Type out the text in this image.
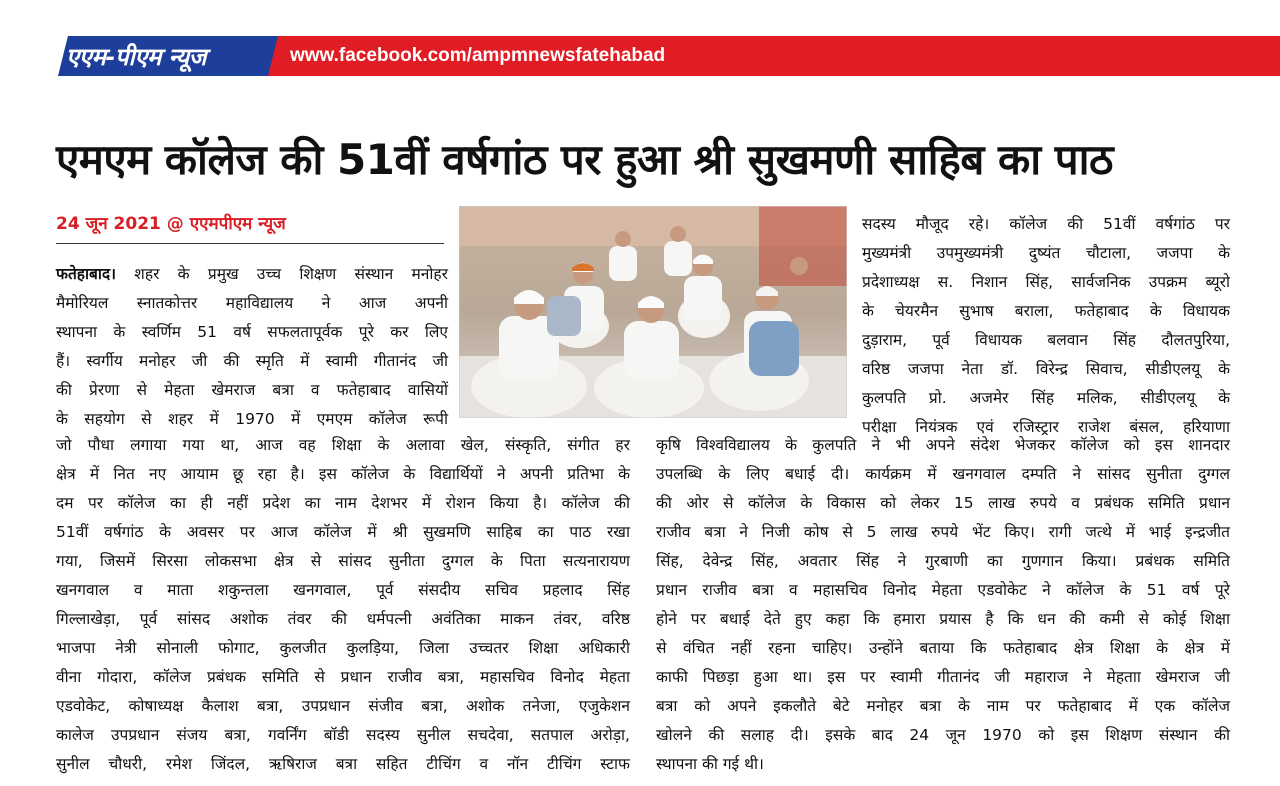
एएम-पीएम न्यूज	www.facebook.com/ampmnewsfatehabad
एमएम कॉलेज की 51वीं वर्षगांठ पर हुआ श्री सुखमणी साहिब का पाठ
24 जून 2021 @ एएमपीएम न्यूज
फतेहाबाद। शहर के प्रमुख उच्च शिक्षण संस्थान मनोहर
मैमोरियल स्नातकोत्तर महाविद्यालय ने आज अपनी
स्थापना के स्वर्णिम 51 वर्ष सफलतापूर्वक पूरे कर लिए
हैं। स्वर्गीय मनोहर जी की स्मृति में स्वामी गीतानंद जी
की प्रेरणा से मेहता खेमराज बत्रा व फतेहाबाद वासियों
के सहयोग से शहर में 1970 में एमएम कॉलेज रूपी
जो पौधा लगाया गया था, आज वह शिक्षा के अलावा खेल, संस्कृति, संगीत हर
क्षेत्र में नित नए आयाम छू रहा है। इस कॉलेज के विद्यार्थियों ने अपनी प्रतिभा के
दम पर कॉलेज का ही नहीं प्रदेश का नाम देशभर में रोशन किया है। कॉलेज की
51वीं वर्षगांठ के अवसर पर आज कॉलेज में श्री सुखमणि साहिब का पाठ रखा
गया, जिसमें सिरसा लोकसभा क्षेत्र से सांसद सुनीता दुग्गल के पिता सत्यनारायण
खनगवाल व माता शकुन्तला खनगवाल, पूर्व संसदीय सचिव प्रहलाद सिंह
गिल्लाखेड़ा, पूर्व सांसद अशोक तंवर की धर्मपत्नी अवंतिका माकन तंवर, वरिष्ठ
भाजपा नेत्री सोनाली फोगाट, कुलजीत कुलड़िया, जिला उच्चतर शिक्षा अधिकारी
वीना गोदारा, कॉलेज प्रबंधक समिति से प्रधान राजीव बत्रा, महासचिव विनोद मेहता
एडवोकेट, कोषाध्यक्ष कैलाश बत्रा, उपप्रधान संजीव बत्रा, अशोक तनेजा, एजुकेशन
कालेज उपप्रधान संजय बत्रा, गवर्निंग बॉडी सदस्य सुनील सचदेवा, सतपाल अरोड़ा,
सुनील चौधरी, रमेश जिंदल, ऋषिराज बत्रा सहित टीचिंग व नॉन टीचिंग स्टाफ
सदस्य मौजूद रहे। कॉलेज की 51वीं वर्षगांठ पर
मुख्यमंत्री उपमुख्यमंत्री दुष्यंत चौटाला, जजपा के
प्रदेशाध्यक्ष स. निशान सिंह, सार्वजनिक उपक्रम ब्यूरो
के चेयरमैन सुभाष बराला, फतेहाबाद के विधायक
दुड़ाराम, पूर्व विधायक बलवान सिंह दौलतपुरिया,
वरिष्ठ जजपा नेता डॉ. विरेन्द्र सिवाच, सीडीएलयू के
कुलपति प्रो. अजमेर सिंह मलिक, सीडीएलयू के
परीक्षा नियंत्रक एवं रजिस्ट्रार राजेश बंसल, हरियाणा
कृषि विश्वविद्यालय के कुलपति ने भी अपने संदेश भेजकर कॉलेज को इस शानदार
उपलब्धि के लिए बधाई दी। कार्यक्रम में खनगवाल दम्पति ने सांसद सुनीता दुग्गल
की ओर से कॉलेज के विकास को लेकर 15 लाख रुपये व प्रबंधक समिति प्रधान
राजीव बत्रा ने निजी कोष से 5 लाख रुपये भेंट किए। रागी जत्थे में भाई इन्द्रजीत
सिंह, देवेन्द्र सिंह, अवतार सिंह ने गुरबाणी का गुणगान किया। प्रबंधक समिति
प्रधान राजीव बत्रा व महासचिव विनोद मेहता एडवोकेट ने कॉलेज के 51 वर्ष पूरे
होने पर बधाई देते हुए कहा कि हमारा प्रयास है कि धन की कमी से कोई शिक्षा
से वंचित नहीं रहना चाहिए। उन्होंने बताया कि फतेहाबाद क्षेत्र शिक्षा के क्षेत्र में
काफी पिछड़ा हुआ था। इस पर स्वामी गीतानंद जी महाराज ने मेहताा खेमराज जी
बत्रा को अपने इकलौते बेटे मनोहर बत्रा के नाम पर फतेहाबाद में एक कॉलेज
खोलने की सलाह दी। इसके बाद 24 जून 1970 को इस शिक्षण संस्थान की
स्थापना की गई थी।
